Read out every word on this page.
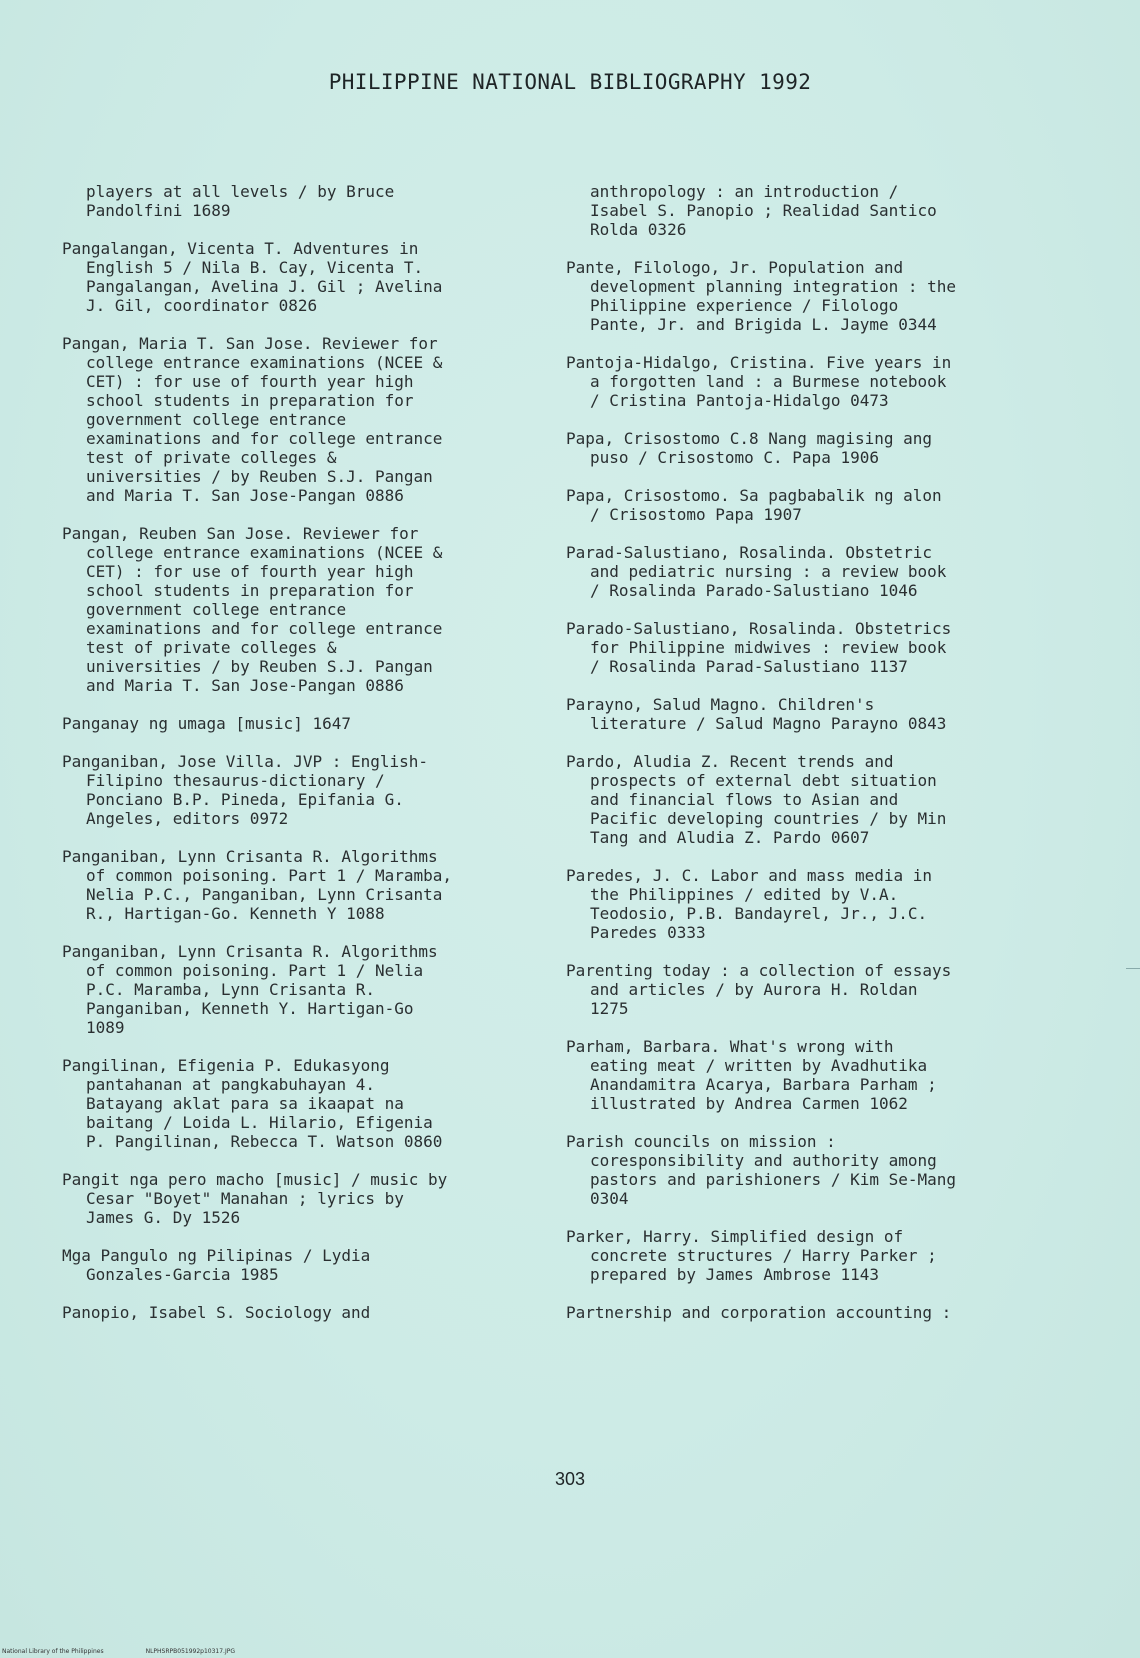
PHILIPPINE NATIONAL BIBLIOGRAPHY 1992

players at all levels / by Bruce
Pandolfini 1689

Pangalangan, Vicenta T. Adventures in
English 5 / Nila B. Cay, Vicenta T.
Pangalangan, Avelina J. Gil ; Avelina
J. Gil, coordinator 0826

Pangan, Maria T. San Jose. Reviewer for
college entrance examinations (NCEE &
CET) : for use of fourth year high
school students in preparation for
government college entrance
examinations and for college entrance
test of private colleges &
universities / by Reuben S.J. Pangan
and Maria T. San Jose-Pangan 0886

Pangan, Reuben San Jose. Reviewer for
college entrance examinations (NCEE &
CET) : for use of fourth year high
school students in preparation for
government college entrance
examinations and for college entrance
test of private colleges &
universities / by Reuben S.J. Pangan
and Maria T. San Jose-Pangan 0886

Panganay ng umaga [music] 1647

Panganiban, Jose Villa. JVP : English-
Filipino thesaurus-dictionary /
Ponciano B.P. Pineda, Epifania G.
Angeles, editors 0972

Panganiban, Lynn Crisanta R. Algorithms
of common poisoning. Part 1 / Maramba,
Nelia P.C., Panganiban, Lynn Crisanta
R., Hartigan-Go. Kenneth Y 1088

Panganiban, Lynn Crisanta R. Algorithms
of common poisoning. Part 1 / Nelia
P.C. Maramba, Lynn Crisanta R.
Panganiban, Kenneth Y. Hartigan-Go
1089

Pangilinan, Efigenia P. Edukasyong
pantahanan at pangkabuhayan 4.
Batayang aklat para sa ikaapat na
baitang / Loida L. Hilario, Efigenia
P. Pangilinan, Rebecca T. Watson 0860

Pangit nga pero macho [music] / music by
Cesar "Boyet" Manahan ; lyrics by
James G. Dy 1526

Mga Pangulo ng Pilipinas / Lydia
Gonzales-Garcia 1985

Panopio, Isabel S. Sociology and

anthropology : an introduction /
Isabel S. Panopio ; Realidad Santico
Rolda 0326

Pante, Filologo, Jr. Population and
development planning integration : the
Philippine experience / Filologo
Pante, Jr. and Brigida L. Jayme 0344

Pantoja-Hidalgo, Cristina. Five years in
a forgotten land : a Burmese notebook
/ Cristina Pantoja-Hidalgo 0473

Papa, Crisostomo C.8 Nang magising ang
puso / Crisostomo C. Papa 1906

Papa, Crisostomo. Sa pagbabalik ng alon
/ Crisostomo Papa 1907

Parad-Salustiano, Rosalinda. Obstetric
and pediatric nursing : a review book
/ Rosalinda Parado-Salustiano 1046

Parado-Salustiano, Rosalinda. Obstetrics
for Philippine midwives : review book
/ Rosalinda Parad-Salustiano 1137

Parayno, Salud Magno. Children's
literature / Salud Magno Parayno 0843

Pardo, Aludia Z. Recent trends and
prospects of external debt situation
and financial flows to Asian and
Pacific developing countries / by Min
Tang and Aludia Z. Pardo 0607

Paredes, J. C. Labor and mass media in
the Philippines / edited by V.A.
Teodosio, P.B. Bandayrel, Jr., J.C.
Paredes 0333

Parenting today : a collection of essays
and articles / by Aurora H. Roldan
1275

Parham, Barbara. What's wrong with
eating meat / written by Avadhutika
Anandamitra Acarya, Barbara Parham ;
illustrated by Andrea Carmen 1062

Parish councils on mission :
coresponsibility and authority among
pastors and parishioners / Kim Se-Mang
0304

Parker, Harry. Simplified design of
concrete structures / Harry Parker ;
prepared by James Ambrose 1143

Partnership and corporation accounting :

303
National Library of the Philippines	NLPHSRPB051992p10317.JPG
